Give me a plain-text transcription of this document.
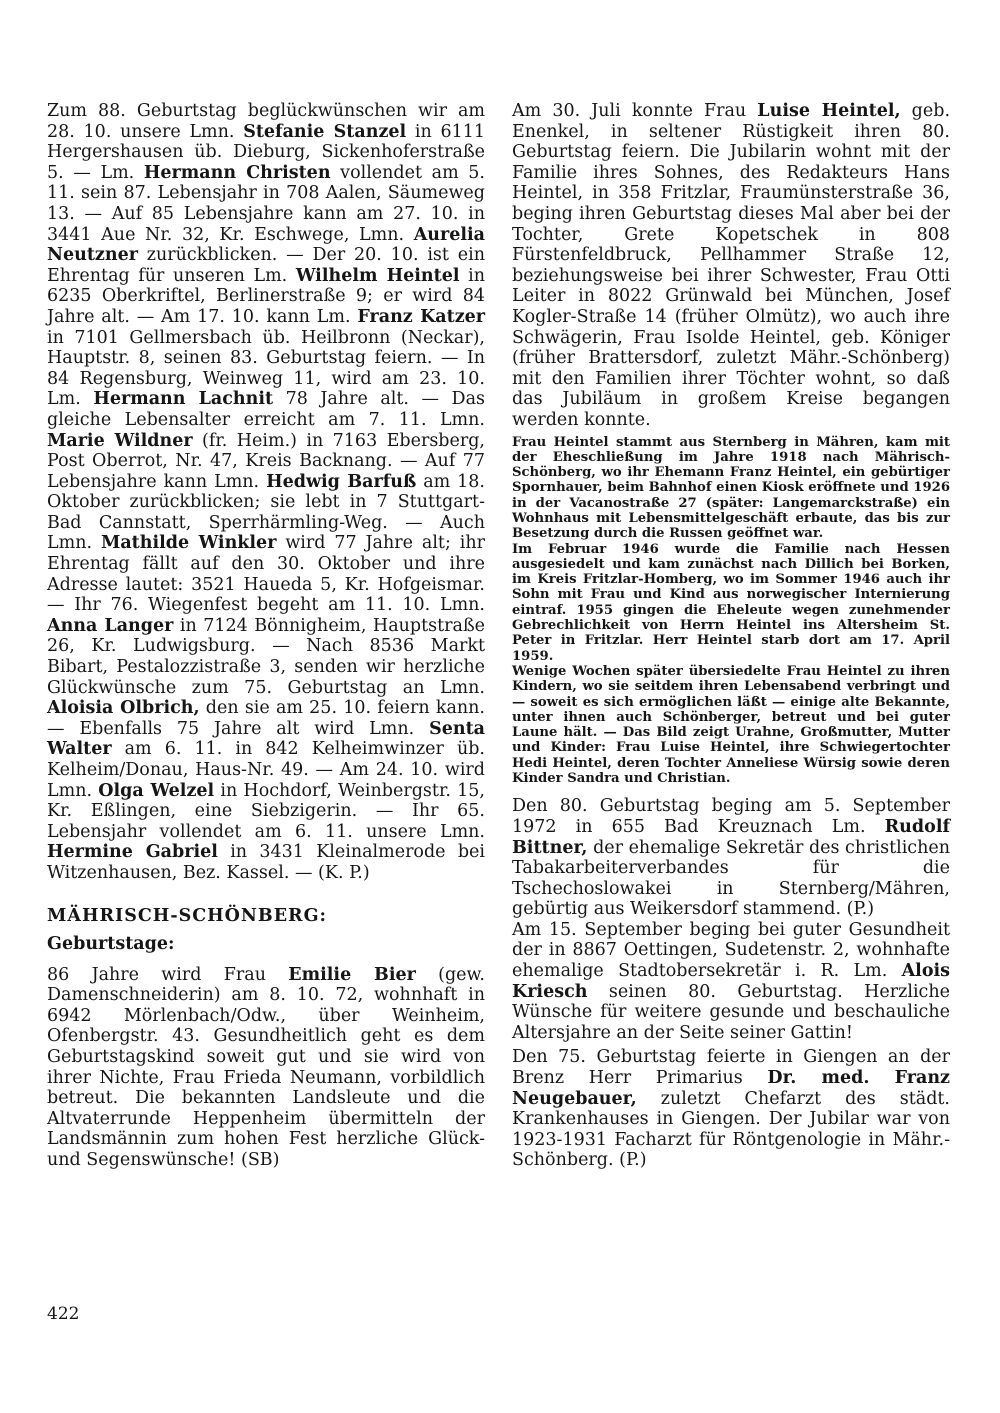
Zum 88. Geburtstag beglückwünschen wir am 28. 10. unsere Lmn. Stefanie Stanzel in 6111 Hergershausen üb. Dieburg, Sickenhoferstraße 5. — Lm. Hermann Christen vollendet am 5. 11. sein 87. Lebensjahr in 708 Aalen, Säumeweg 13. — Auf 85 Lebensjahre kann am 27. 10. in 3441 Aue Nr. 32, Kr. Eschwege, Lmn. Aurelia Neutzner zurückblicken. — Der 20. 10. ist ein Ehrentag für unseren Lm. Wilhelm Heintel in 6235 Oberkriftel, Berlinerstraße 9; er wird 84 Jahre alt. — Am 17. 10. kann Lm. Franz Katzer in 7101 Gellmersbach üb. Heilbronn (Neckar), Hauptstr. 8, seinen 83. Geburtstag feiern. — In 84 Regensburg, Weinweg 11, wird am 23. 10. Lm. Hermann Lachnit 78 Jahre alt. — Das gleiche Lebensalter erreicht am 7. 11. Lmn. Marie Wildner (fr. Heim.) in 7163 Ebersberg, Post Oberrot, Nr. 47, Kreis Backnang. — Auf 77 Lebensjahre kann Lmn. Hedwig Barfuß am 18. Oktober zurückblicken; sie lebt in 7 Stuttgart-Bad Cannstatt, Sperrhärmling-Weg. — Auch Lmn. Mathilde Winkler wird 77 Jahre alt; ihr Ehrentag fällt auf den 30. Oktober und ihre Adresse lautet: 3521 Haueda 5, Kr. Hofgeismar. — Ihr 76. Wiegenfest begeht am 11. 10. Lmn. Anna Langer in 7124 Bönnigheim, Hauptstraße 26, Kr. Ludwigsburg. — Nach 8536 Markt Bibart, Pestalozzistraße 3, senden wir herzliche Glückwünsche zum 75. Geburtstag an Lmn. Aloisia Olbrich, den sie am 25. 10. feiern kann. — Ebenfalls 75 Jahre alt wird Lmn. Senta Walter am 6. 11. in 842 Kelheimwinzer üb. Kelheim/Donau, Haus-Nr. 49. — Am 24. 10. wird Lmn. Olga Welzel in Hochdorf, Weinbergstr. 15, Kr. Eßlingen, eine Siebzigerin. — Ihr 65. Lebensjahr vollendet am 6. 11. unsere Lmn. Hermine Gabriel in 3431 Kleinalmerode bei Witzenhausen, Bez. Kassel. — (K. P.)

MÄHRISCH-SCHÖNBERG:
Geburtstage:

86 Jahre wird Frau Emilie Bier (gew. Damenschneiderin) am 8. 10. 72, wohnhaft in 6942 Mörlenbach/Odw., über Weinheim, Ofenbergstr. 43. Gesundheitlich geht es dem Geburtstagskind soweit gut und sie wird von ihrer Nichte, Frau Frieda Neumann, vorbildlich betreut. Die bekannten Landsleute und die Altvaterrunde Heppenheim übermitteln der Landsmännin zum hohen Fest herzliche Glück- und Segenswünsche! (SB)

Am 30. Juli konnte Frau Luise Heintel, geb. Enenkel, in seltener Rüstigkeit ihren 80. Geburtstag feiern. Die Jubilarin wohnt mit der Familie ihres Sohnes, des Redakteurs Hans Heintel, in 358 Fritzlar, Fraumünsterstraße 36, beging ihren Geburtstag dieses Mal aber bei der Tochter, Grete Kopetschek in 808 Fürstenfeldbruck, Pellhammer Straße 12, beziehungsweise bei ihrer Schwester, Frau Otti Leiter in 8022 Grünwald bei München, Josef Kogler-Straße 14 (früher Olmütz), wo auch ihre Schwägerin, Frau Isolde Heintel, geb. Königer (früher Brattersdorf, zuletzt Mähr.-Schönberg) mit den Familien ihrer Töchter wohnt, so daß das Jubiläum in großem Kreise begangen werden konnte.

Frau Heintel stammt aus Sternberg in Mähren, kam mit der Eheschließung im Jahre 1918 nach Mährisch-Schönberg, wo ihr Ehemann Franz Heintel, ein gebürtiger Spornhauer, beim Bahnhof einen Kiosk eröffnete und 1926 in der Vacanostraße 27 (später: Langemarckstraße) ein Wohnhaus mit Lebensmittelgeschäft erbaute, das bis zur Besetzung durch die Russen geöffnet war.

Im Februar 1946 wurde die Familie nach Hessen ausgesiedelt und kam zunächst nach Dillich bei Borken, im Kreis Fritzlar-Homberg, wo im Sommer 1946 auch ihr Sohn mit Frau und Kind aus norwegischer Internierung eintraf. 1955 gingen die Eheleute wegen zunehmender Gebrechlichkeit von Herrn Heintel ins Altersheim St. Peter in Fritzlar. Herr Heintel starb dort am 17. April 1959.

Wenige Wochen später übersiedelte Frau Heintel zu ihren Kindern, wo sie seitdem ihren Lebensabend verbringt und — soweit es sich ermöglichen läßt — einige alte Bekannte, unter ihnen auch Schönberger, betreut und bei guter Laune hält. — Das Bild zeigt Urahne, Großmutter, Mutter und Kinder: Frau Luise Heintel, ihre Schwiegertochter Hedi Heintel, deren Tochter Anneliese Würsig sowie deren Kinder Sandra und Christian.

Den 80. Geburtstag beging am 5. September 1972 in 655 Bad Kreuznach Lm. Rudolf Bittner, der ehemalige Sekretär des christlichen Tabakarbeiterverbandes für die Tschechoslowakei in Sternberg/Mähren, gebürtig aus Weikersdorf stammend. (P.)

Am 15. September beging bei guter Gesundheit der in 8867 Oettingen, Sudetenstr. 2, wohnhafte ehemalige Stadtobersekretär i. R. Lm. Alois Kriesch seinen 80. Geburtstag. Herzliche Wünsche für weitere gesunde und beschauliche Altersjahre an der Seite seiner Gattin!

Den 75. Geburtstag feierte in Giengen an der Brenz Herr Primarius Dr. med. Franz Neugebauer, zuletzt Chefarzt des städt. Krankenhauses in Giengen. Der Jubilar war von 1923-1931 Facharzt für Röntgenologie in Mähr.-Schönberg. (P.)

422
